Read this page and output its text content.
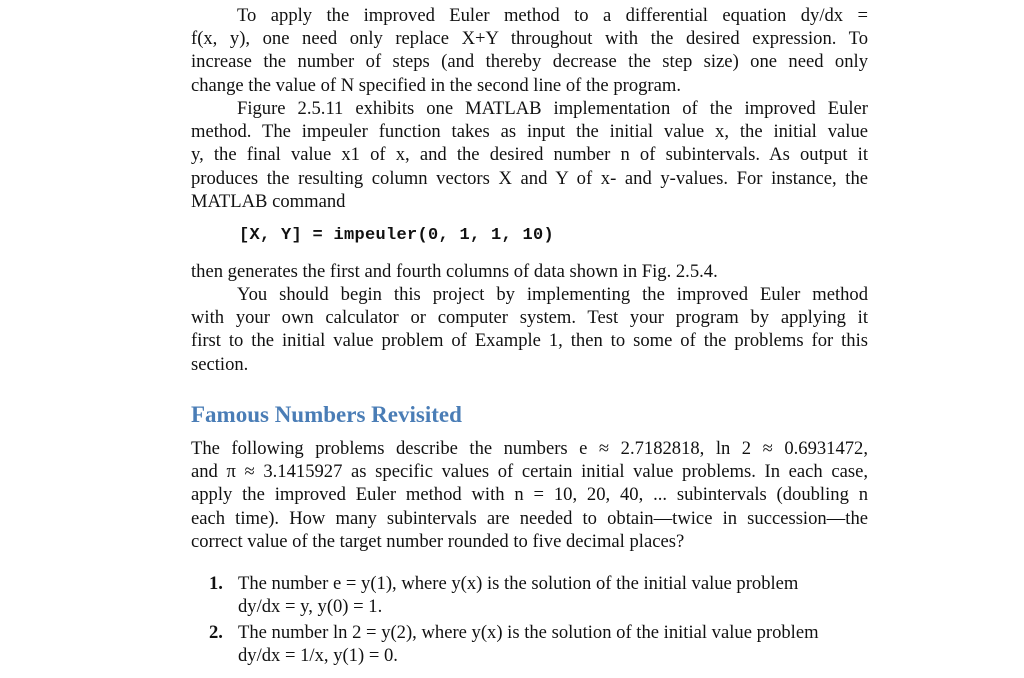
To apply the improved Euler method to a differential equation dy/dx =
f(x, y), one need only replace X+Y throughout with the desired expression. To
increase the number of steps (and thereby decrease the step size) one need only
change the value of N specified in the second line of the program.
Figure 2.5.11 exhibits one MATLAB implementation of the improved Euler
method. The impeuler function takes as input the initial value x, the initial value
y, the final value x1 of x, and the desired number n of subintervals. As output it
produces the resulting column vectors X and Y of x- and y-values. For instance, the
MATLAB command
[X, Y] = impeuler(0, 1, 1, 10)
then generates the first and fourth columns of data shown in Fig. 2.5.4.
You should begin this project by implementing the improved Euler method
with your own calculator or computer system. Test your program by applying it
first to the initial value problem of Example 1, then to some of the problems for this
section.
Famous Numbers Revisited
The following problems describe the numbers e ≈ 2.7182818, ln 2 ≈ 0.6931472,
and π ≈ 3.1415927 as specific values of certain initial value problems. In each case,
apply the improved Euler method with n = 10, 20, 40, ... subintervals (doubling n
each time). How many subintervals are needed to obtain—twice in succession—the
correct value of the target number rounded to five decimal places?
1. The number e = y(1), where y(x) is the solution of the initial value problem
dy/dx = y, y(0) = 1.
2. The number ln 2 = y(2), where y(x) is the solution of the initial value problem
dy/dx = 1/x, y(1) = 0.
